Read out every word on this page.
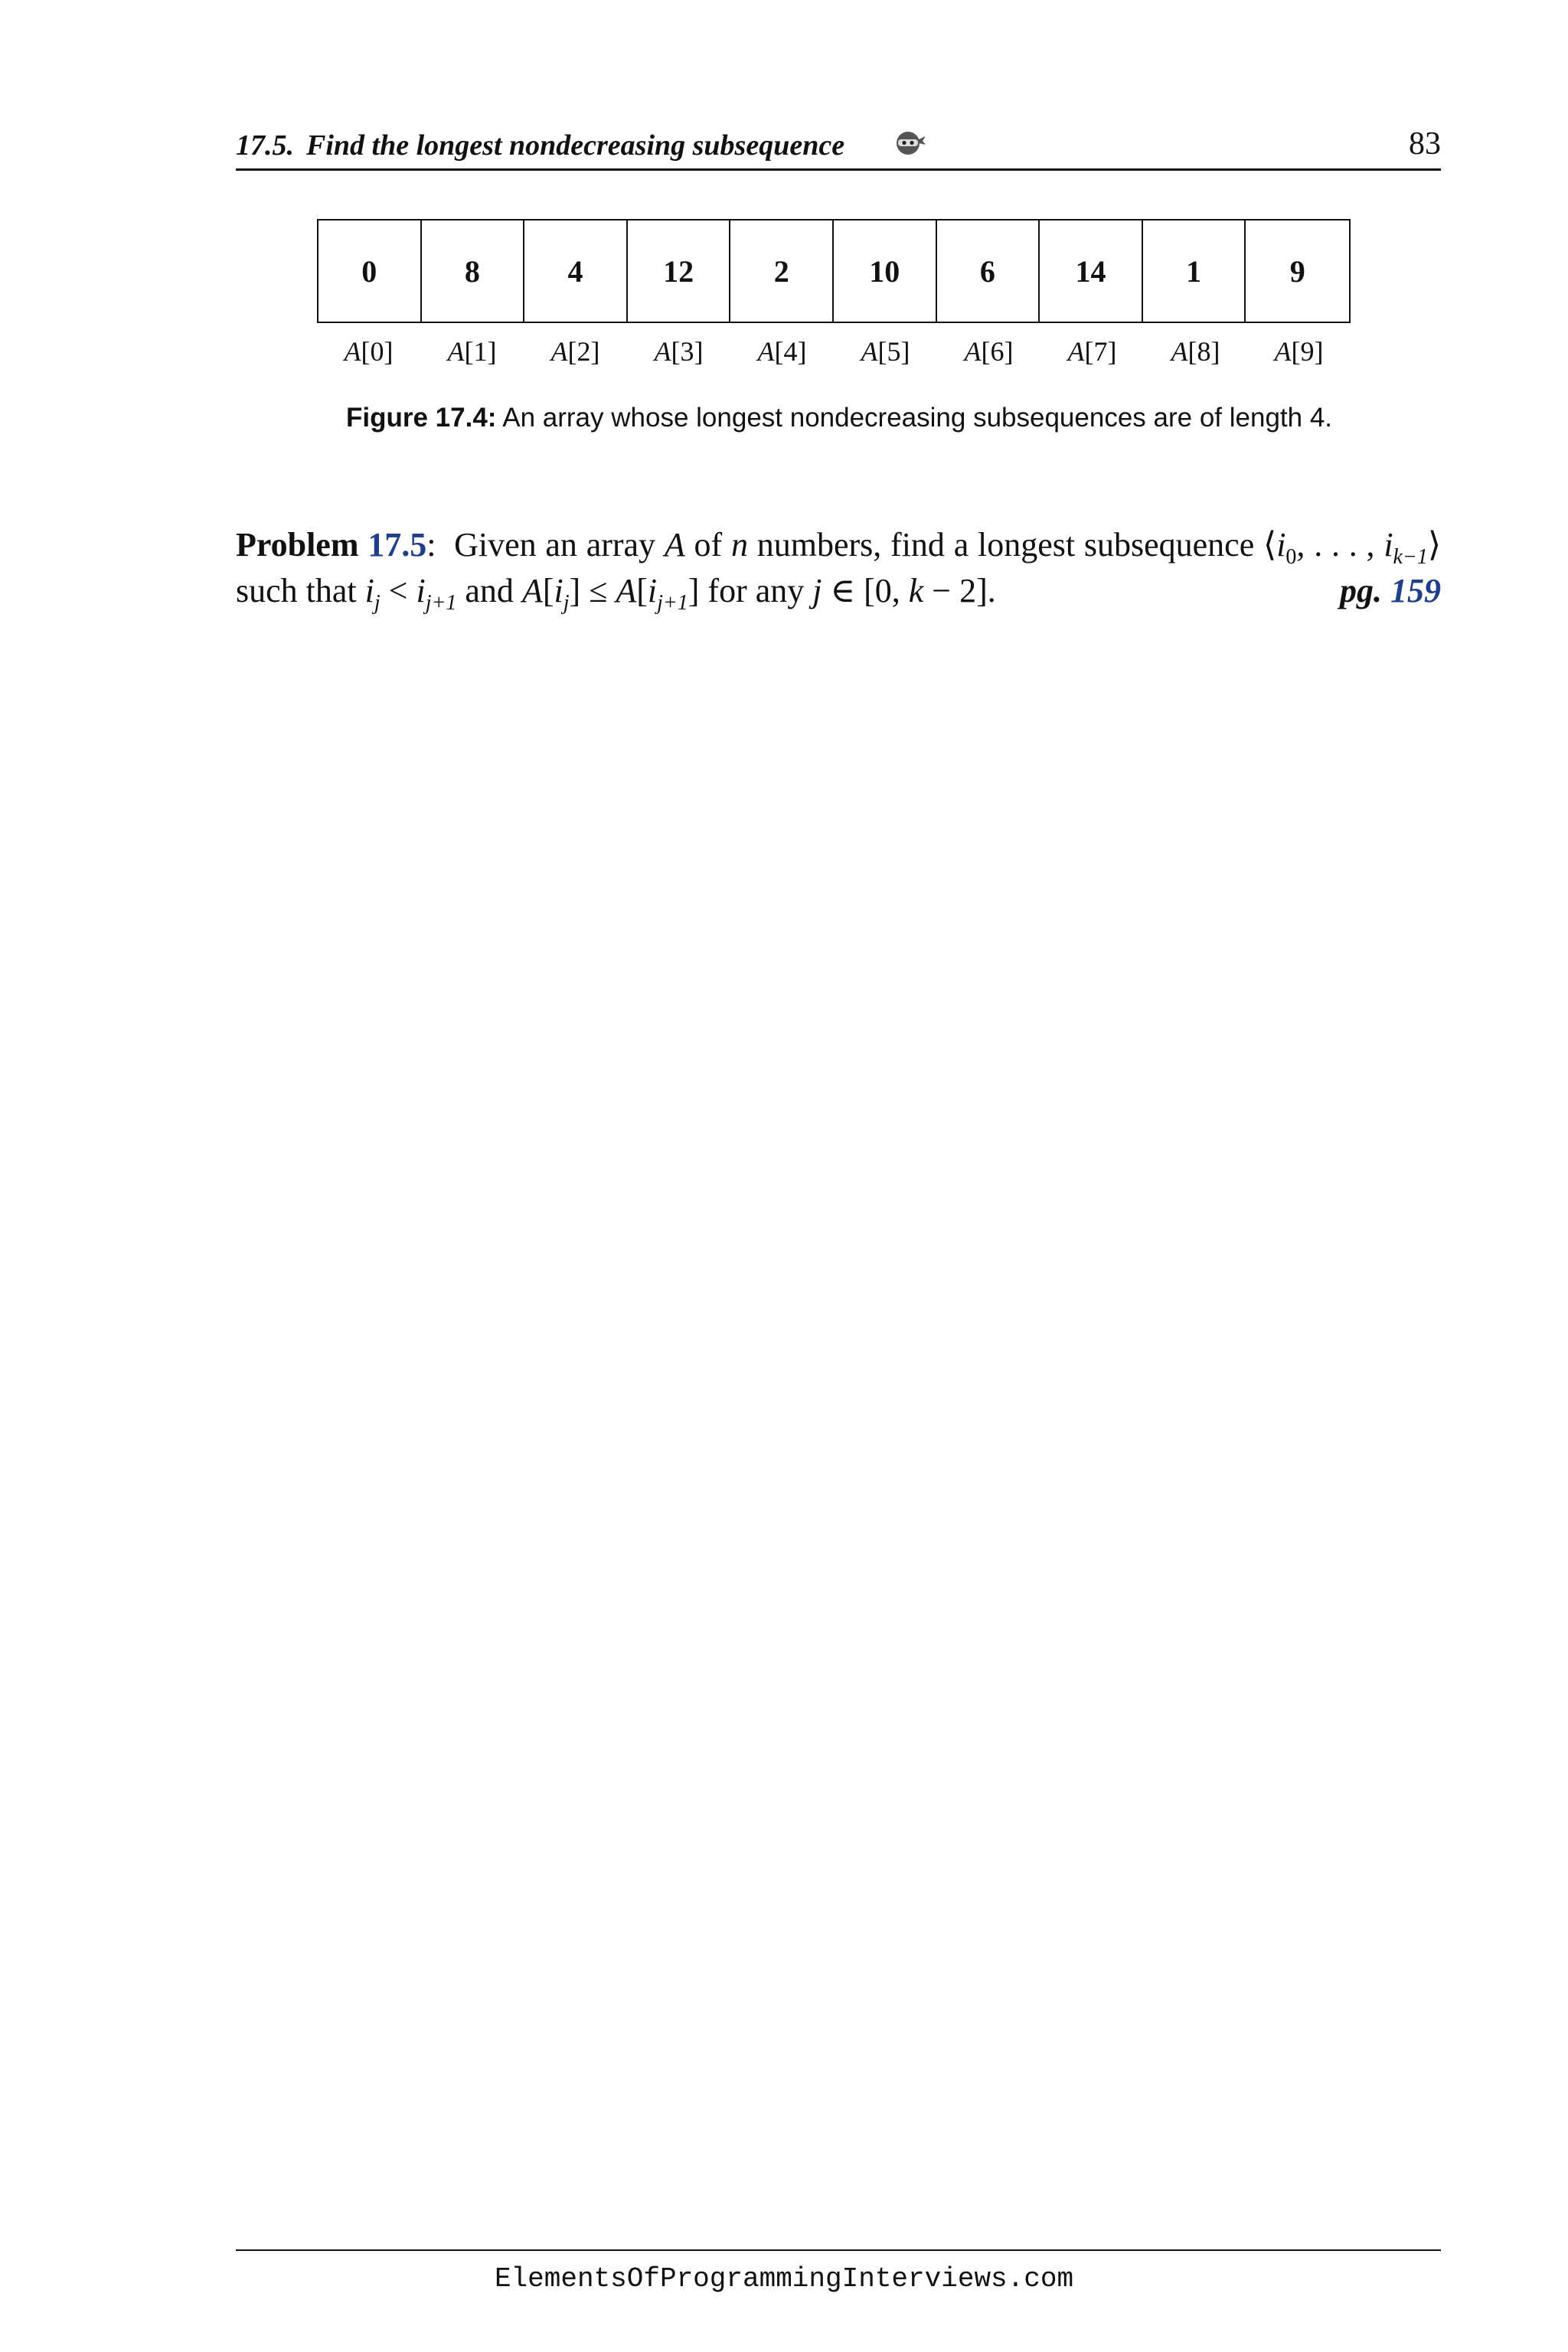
17.5. Find the longest nondecreasing subsequence	83
0	8	4	12	2	10	6	14	1	9
A[0]	A[1]	A[2]	A[3]	A[4]	A[5]	A[6]	A[7]	A[8]	A[9]
Figure 17.4: An array whose longest nondecreasing subsequences are of length 4.
Problem 17.5: Given an array A of n numbers, find a longest subsequence $⟨i_0$, . . . , $i_{k-1}⟩$
such that $i_j < i_{j+1}$ and $A[i_j] \le A[i_{j+1}]$ for any j ∈ [0, k − 2].	pg. 159
ElementsOfProgrammingInterviews.com
